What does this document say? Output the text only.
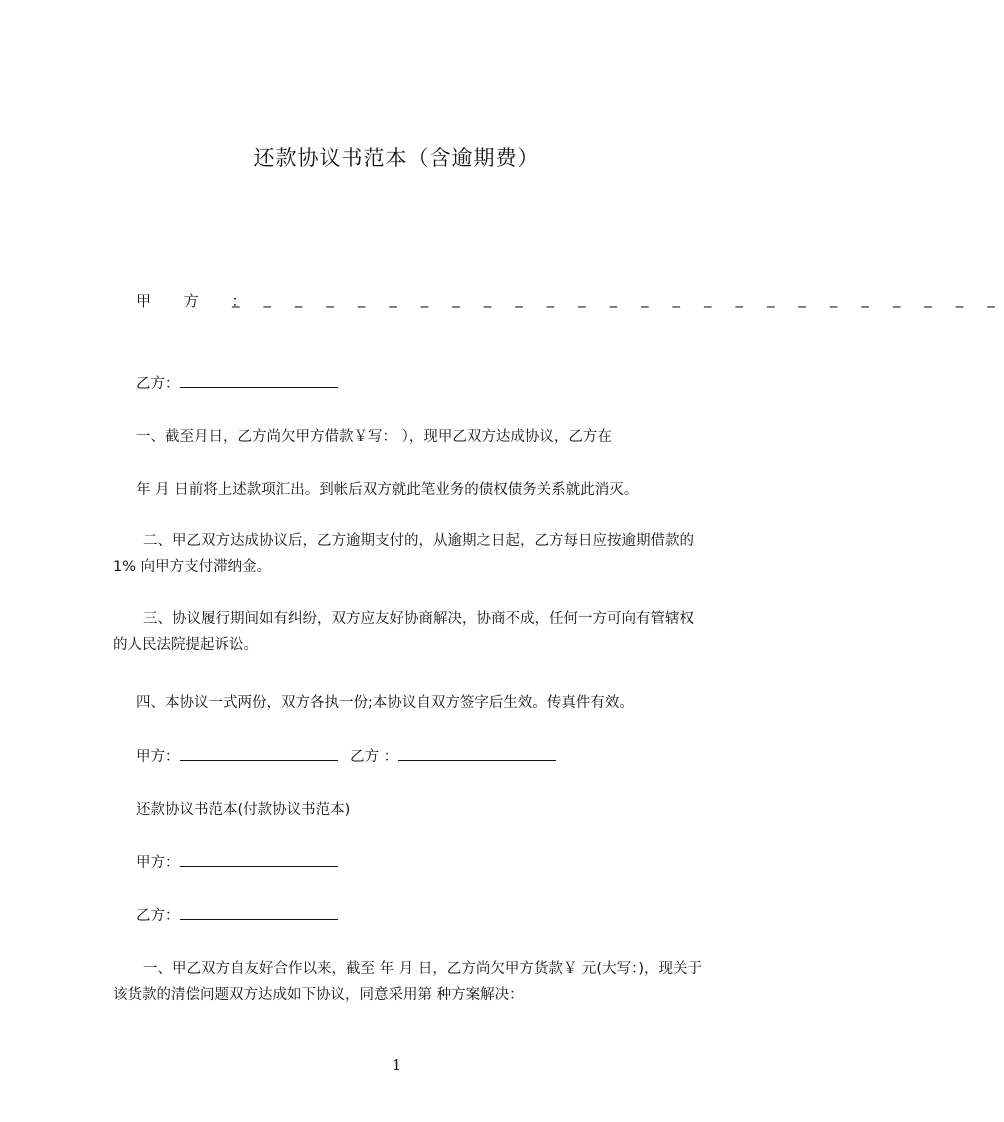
还款协议书范本（含逾期费）
甲 方 ：
_ _ _ _ _ _ _ _ _ _ _ _ _ _ _ _ _ _ _ _ _ _ _ _ _
乙方：
一、截至月日，乙方尚欠甲方借款￥写： ），现甲乙双方达成协议，乙方在
年 月 日前将上述款项汇出。到帐后双方就此笔业务的债权债务关系就此消灭。
二、甲乙双方达成协议后，乙方逾期支付的，从逾期之日起，乙方每日应按逾期借款的 1% 向甲方支付滞纳金。
三、协议履行期间如有纠纷，双方应友好协商解决，协商不成，任何一方可向有管辖权的人民法院提起诉讼。
四、本协议一式两份，双方各执一份;本协议自双方签字后生效。传真件有效。
甲方：	乙方 ：
还款协议书范本(付款协议书范本)
甲方：
乙方：
一、甲乙双方自友好合作以来，截至 年 月 日，乙方尚欠甲方货款￥ 元(大写：)，现关于该货款的清偿问题双方达成如下协议，同意采用第 种方案解决：
1
